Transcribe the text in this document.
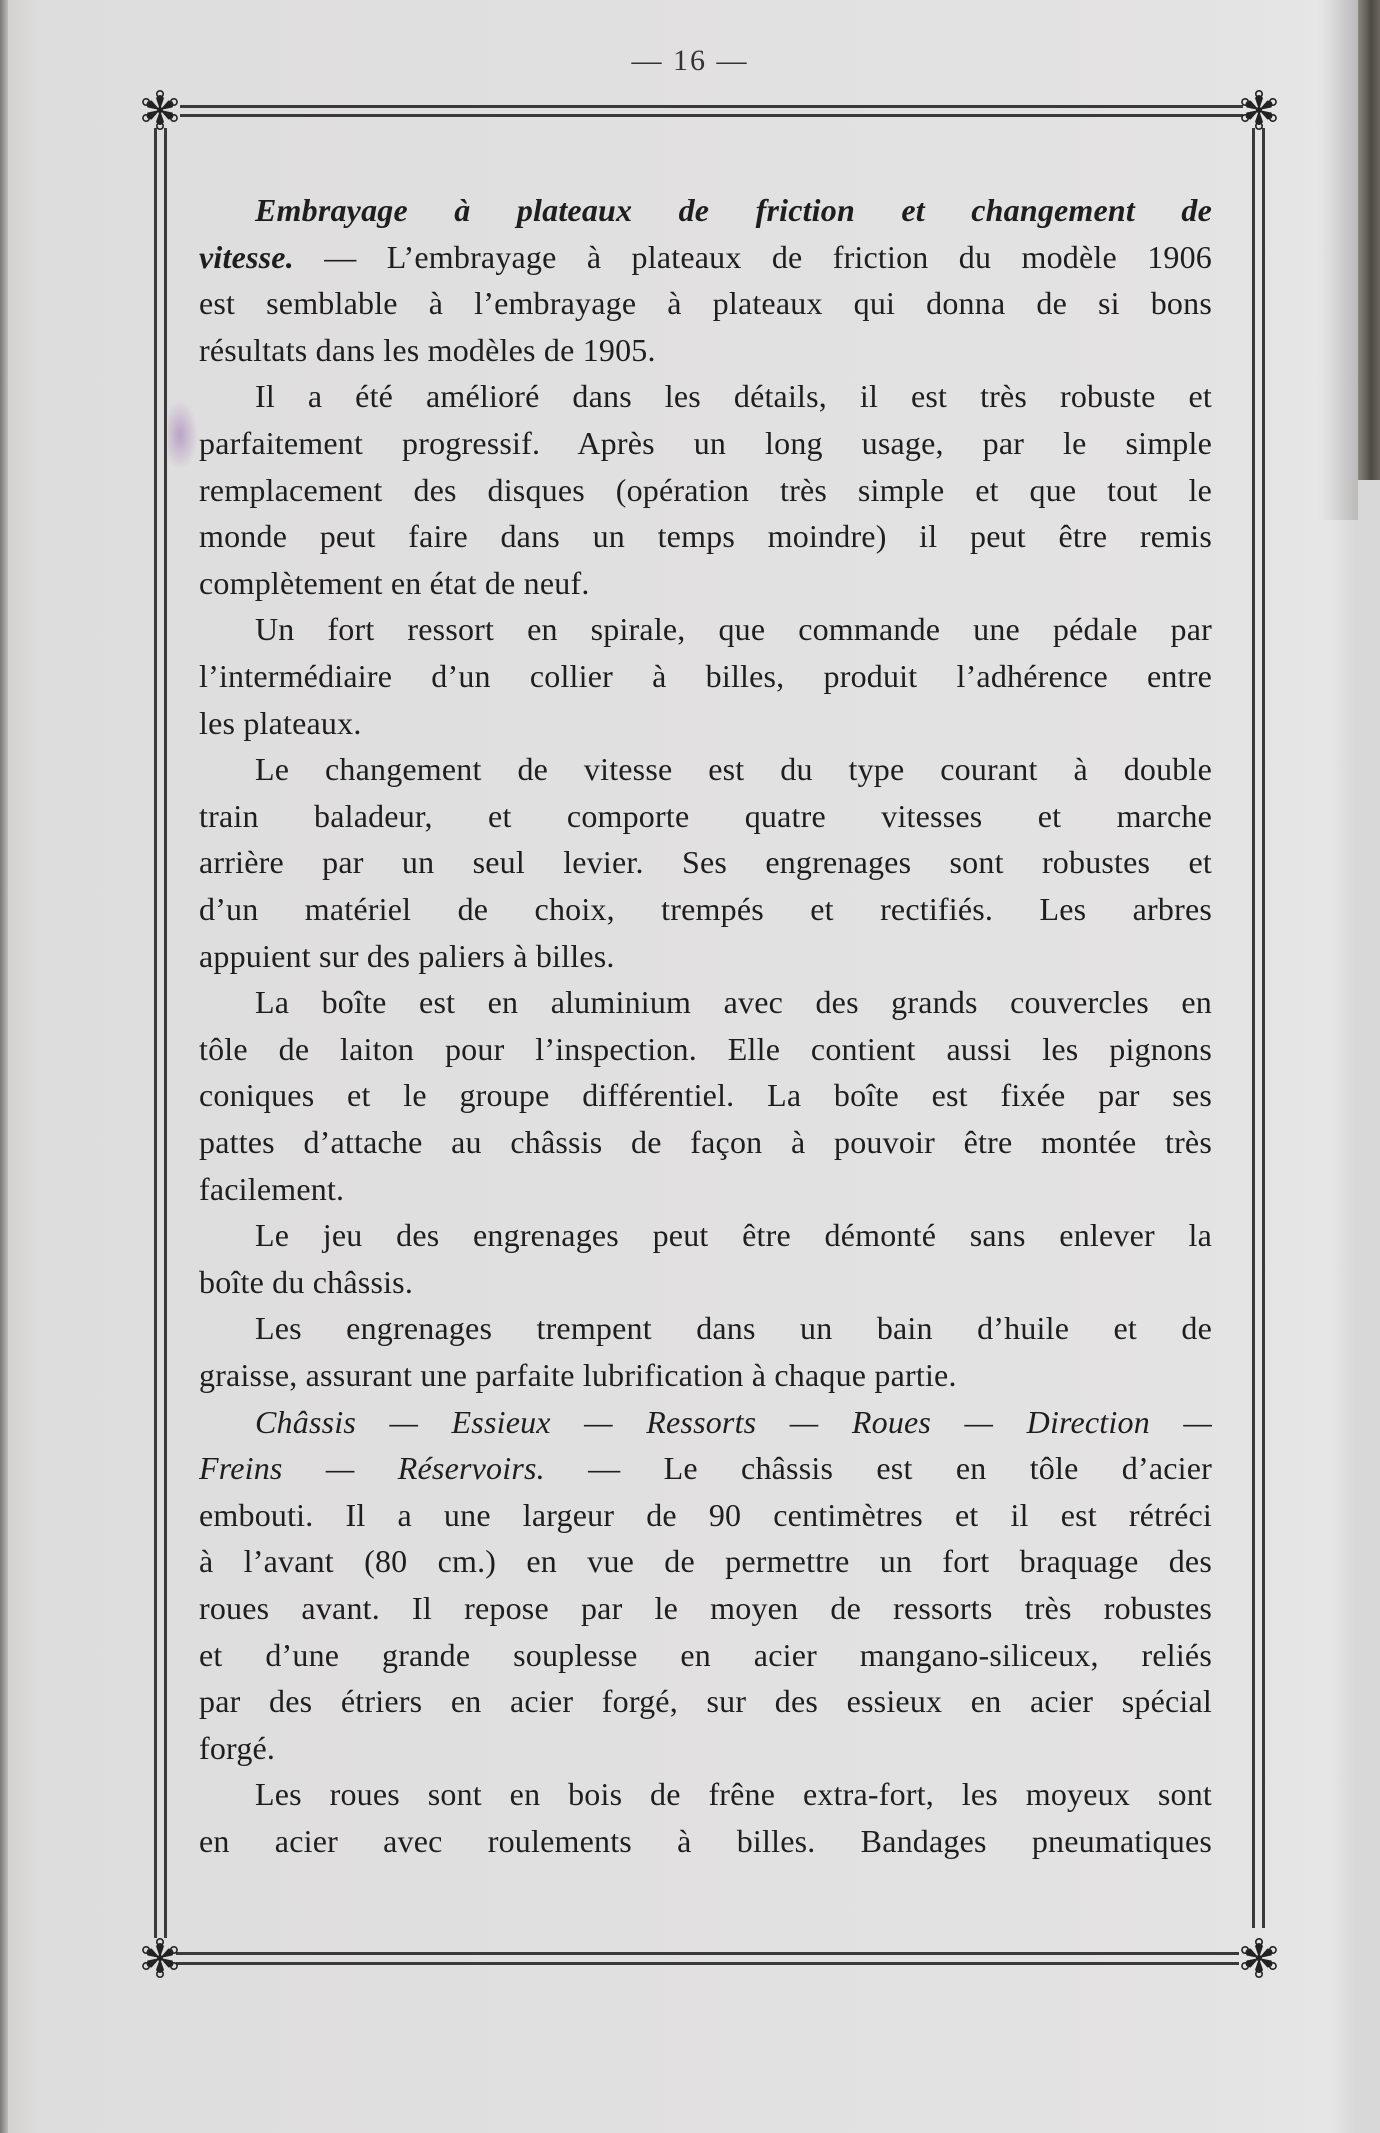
— 16 —
Embrayage à plateaux de friction et changement de
vitesse. — L’embrayage à plateaux de friction du modèle 1906
est semblable à l’embrayage à plateaux qui donna de si bons
résultats dans les modèles de 1905.
Il a été amélioré dans les détails, il est très robuste et
parfaitement progressif. Après un long usage, par le simple
remplacement des disques (opération très simple et que tout le
monde peut faire dans un temps moindre) il peut être remis
complètement en état de neuf.
Un fort ressort en spirale, que commande une pédale par
l’intermédiaire d’un collier à billes, produit l’adhérence entre
les plateaux.
Le changement de vitesse est du type courant à double
train baladeur, et comporte quatre vitesses et marche
arrière par un seul levier. Ses engrenages sont robustes et
d’un matériel de choix, trempés et rectifiés. Les arbres
appuient sur des paliers à billes.
La boîte est en aluminium avec des grands couvercles en
tôle de laiton pour l’inspection. Elle contient aussi les pignons
coniques et le groupe différentiel. La boîte est fixée par ses
pattes d’attache au châssis de façon à pouvoir être montée très
facilement.
Le jeu des engrenages peut être démonté sans enlever la
boîte du châssis.
Les engrenages trempent dans un bain d’huile et de
graisse, assurant une parfaite lubrification à chaque partie.
Châssis — Essieux — Ressorts — Roues — Direction —
Freins — Réservoirs. — Le châssis est en tôle d’acier
embouti. Il a une largeur de 90 centimètres et il est rétréci
à l’avant (80 cm.) en vue de permettre un fort braquage des
roues avant. Il repose par le moyen de ressorts très robustes
et d’une grande souplesse en acier mangano-siliceux, reliés
par des étriers en acier forgé, sur des essieux en acier spécial
forgé.
Les roues sont en bois de frêne extra-fort, les moyeux sont
en acier avec roulements à billes. Bandages pneumatiques
